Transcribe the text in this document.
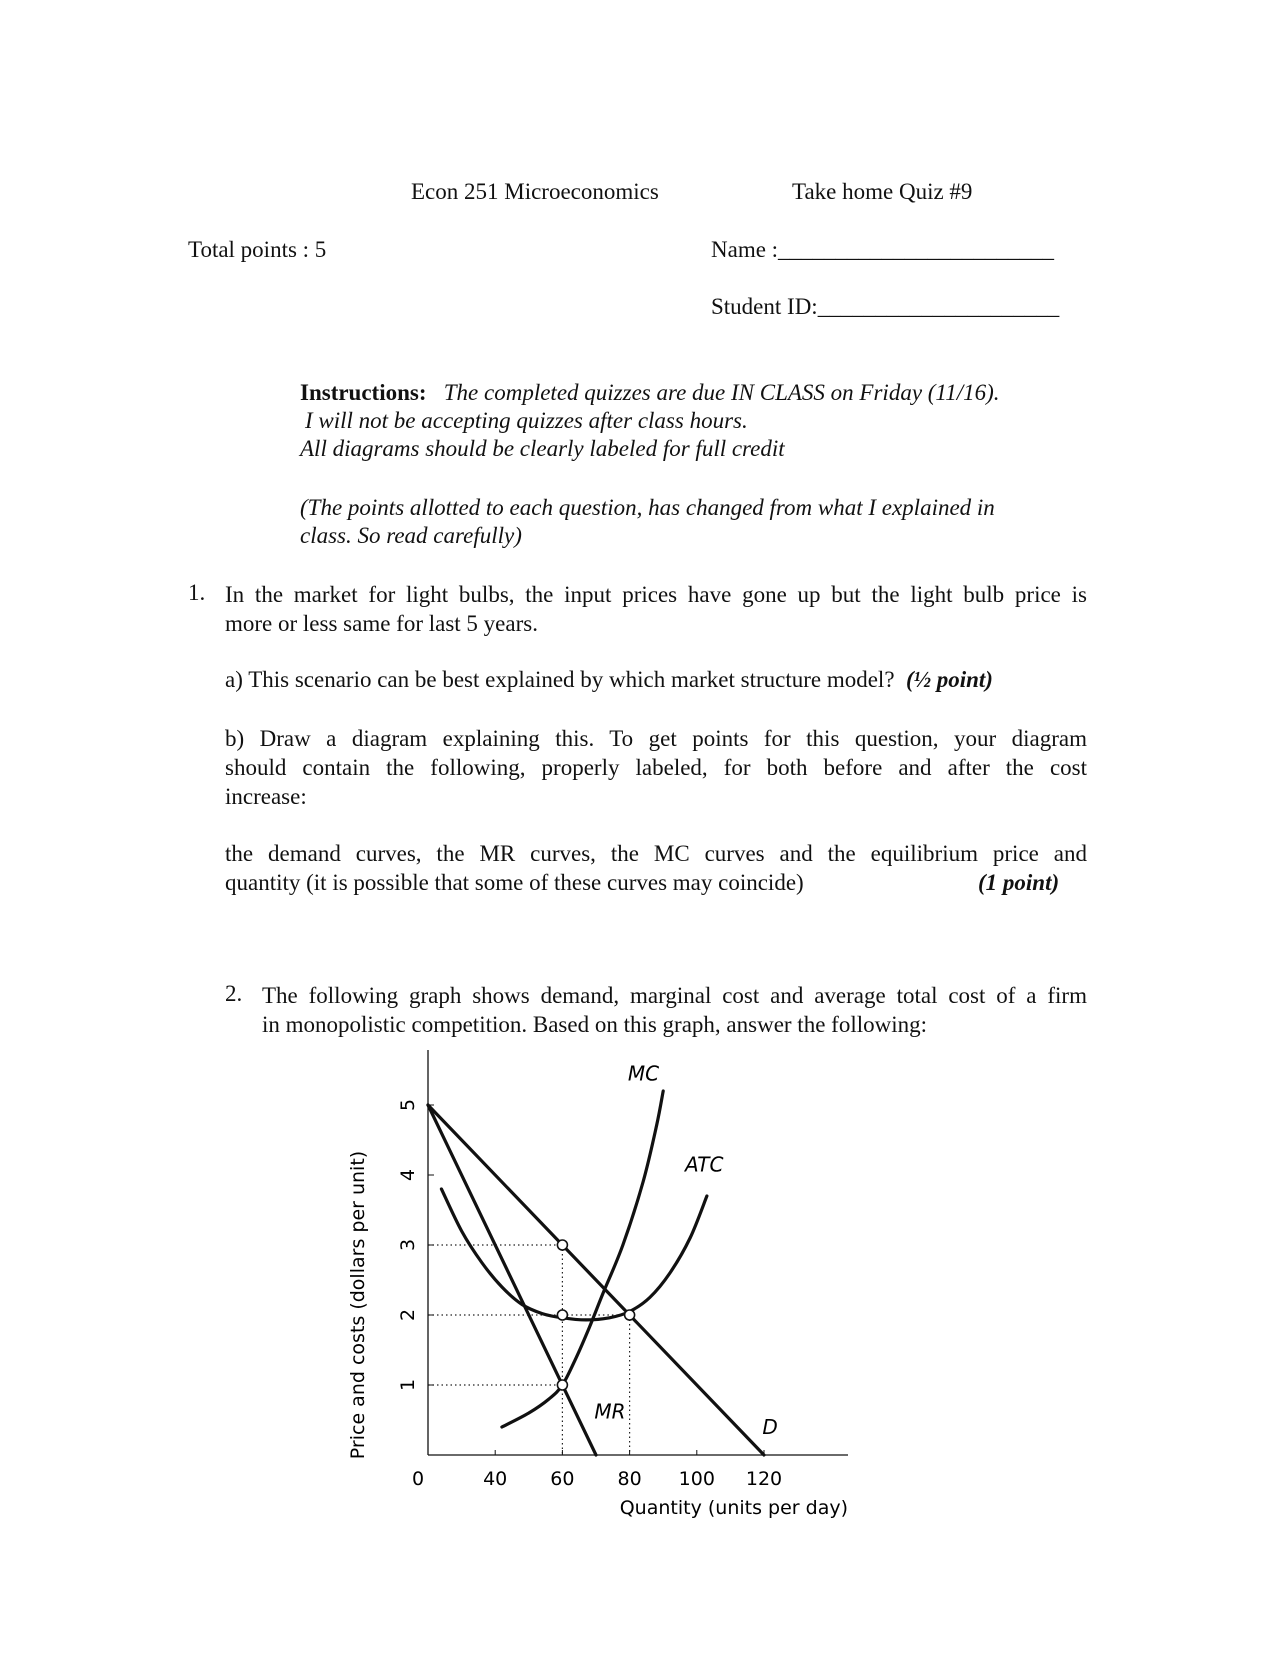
Econ 251 Microeconomics	Take home Quiz #9
Total points : 5	Name :________________________
Student ID:_____________________
Instructions: The completed quizzes are due IN CLASS on Friday (11/16).
I will not be accepting quizzes after class hours.
All diagrams should be clearly labeled for full credit
(The points allotted to each question, has changed from what I explained in
class. So read carefully)
1. In the market for light bulbs, the input prices have gone up but the light bulb price is
more or less same for last 5 years.
a) This scenario can be best explained by which market structure model? (½ point)
b) Draw a diagram explaining this. To get points for this question, your diagram
should contain the following, properly labeled, for both before and after the cost
increase:
the demand curves, the MR curves, the MC curves and the equilibrium price and
quantity (it is possible that some of these curves may coincide)	(1 point)
2. The following graph shows demand, marginal cost and average total cost of a firm
in monopolistic competition. Based on this graph, answer the following:
1
2
3
4
5
0	40 60 80 100 120
Quantity (units per day)
Price and costs (dollars per unit)
MC
ATC
MR
D
